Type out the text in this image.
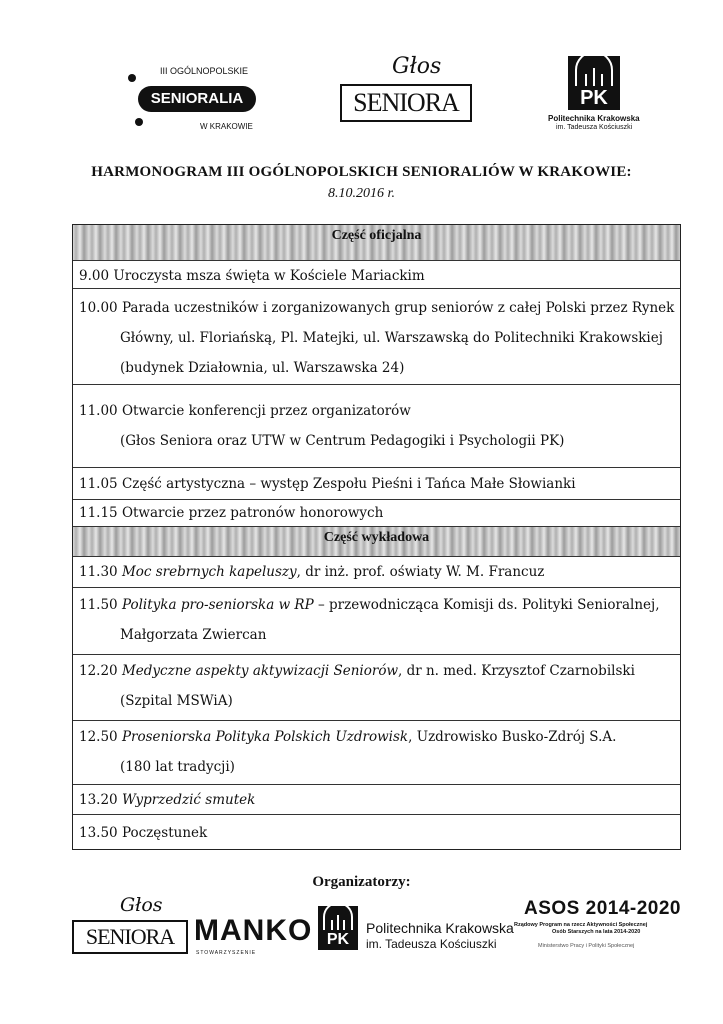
III OGÓLNOPOLSKIE
SENIORALIA
W KRAKOWIE
Głos
SENIORA	PK
Politechnika Krakowska
im. Tadeusza Kościuszki
HARMONOGRAM III OGÓLNOPOLSKICH SENIORALIÓW W KRAKOWIE:
8.10.2016 r.
Część oficjalna
9.00 Uroczysta msza święta w Kościele Mariackim
10.00 Parada uczestników i zorganizowanych grup seniorów z całej Polski przez Rynek
Główny, ul. Floriańską, Pl. Matejki, ul. Warszawską do Politechniki Krakowskiej
(budynek Działownia, ul. Warszawska 24)
11.00 Otwarcie konferencji przez organizatorów
(Głos Seniora oraz UTW w Centrum Pedagogiki i Psychologii PK)
11.05 Część artystyczna – występ Zespołu Pieśni i Tańca Małe Słowianki
11.15 Otwarcie przez patronów honorowych
Część wykładowa
11.30 Moc srebrnych kapeluszy, dr inż. prof. oświaty W. M. Francuz
11.50 Polityka pro-seniorska w RP – przewodnicząca Komisji ds. Polityki Senioralnej,
Małgorzata Zwiercan
12.20 Medyczne aspekty aktywizacji Seniorów, dr n. med. Krzysztof Czarnobilski
(Szpital MSWiA)
12.50 Proseniorska Polityka Polskich Uzdrowisk, Uzdrowisko Busko-Zdrój S.A.
(180 lat tradycji)
13.20 Wyprzedzić smutek
13.50 Poczęstunek
Organizatorzy:
Głos
SENIORA MANKO
STOWARZYSZENIE
PK
Politechnika Krakowska
im. Tadeusza Kościuszki
ASOS 2014-2020
Rządowy Program na rzecz Aktywności Społecznej
Osób Starszych na lata 2014-2020
Ministerstwo Pracy i Polityki Społecznej
